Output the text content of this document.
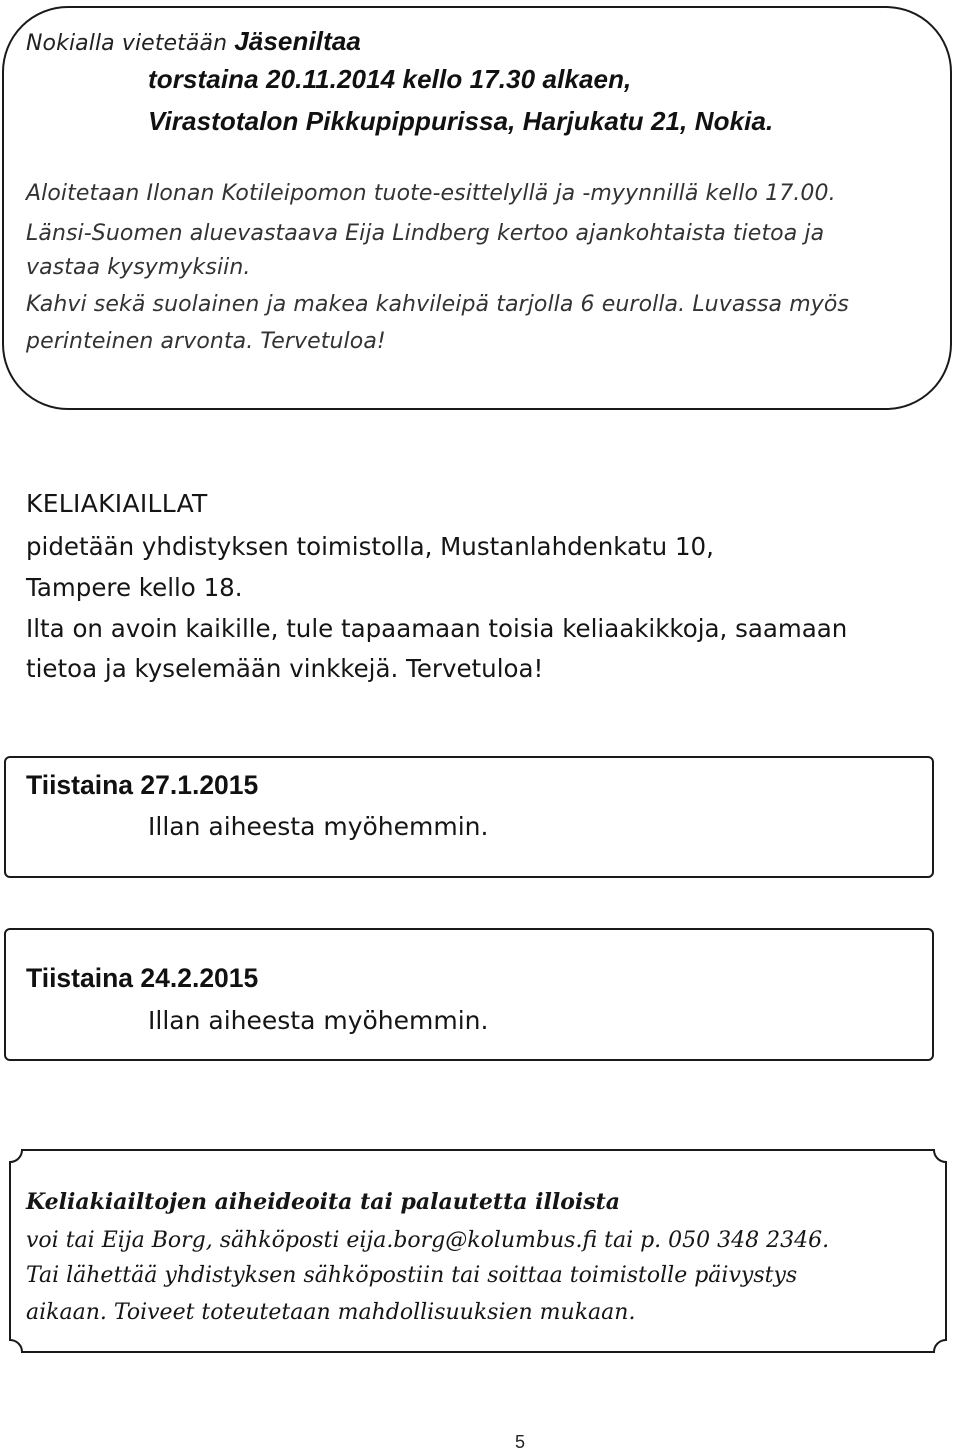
Nokialla vietetään Jäseniltaa
torstaina 20.11.2014 kello 17.30 alkaen,
Virastotalon Pikkupippurissa, Harjukatu 21, Nokia.
Aloitetaan Ilonan Kotileipomon tuote-esittelyllä ja -myynnillä kello 17.00.
Länsi-Suomen aluevastaava Eija Lindberg kertoo ajankohtaista tietoa ja
vastaa kysymyksiin.
Kahvi sekä suolainen ja makea kahvileipä tarjolla 6 eurolla. Luvassa myös
perinteinen arvonta. Tervetuloa!
KELIAKIAILLAT
pidetään yhdistyksen toimistolla, Mustanlahdenkatu 10,
Tampere kello 18.
Ilta on avoin kaikille, tule tapaamaan toisia keliaakikkoja, saamaan
tietoa ja kyselemään vinkkejä. Tervetuloa!
Tiistaina 27.1.2015
Illan aiheesta myöhemmin.
Tiistaina 24.2.2015
Illan aiheesta myöhemmin.
Keliakiailtojen aiheideoita tai palautetta illoista
voi tai Eija Borg, sähköposti eija.borg@kolumbus.fi tai p. 050 348 2346.
Tai lähettää yhdistyksen sähköpostiin tai soittaa toimistolle päivystys
aikaan. Toiveet toteutetaan mahdollisuuksien mukaan.
5
